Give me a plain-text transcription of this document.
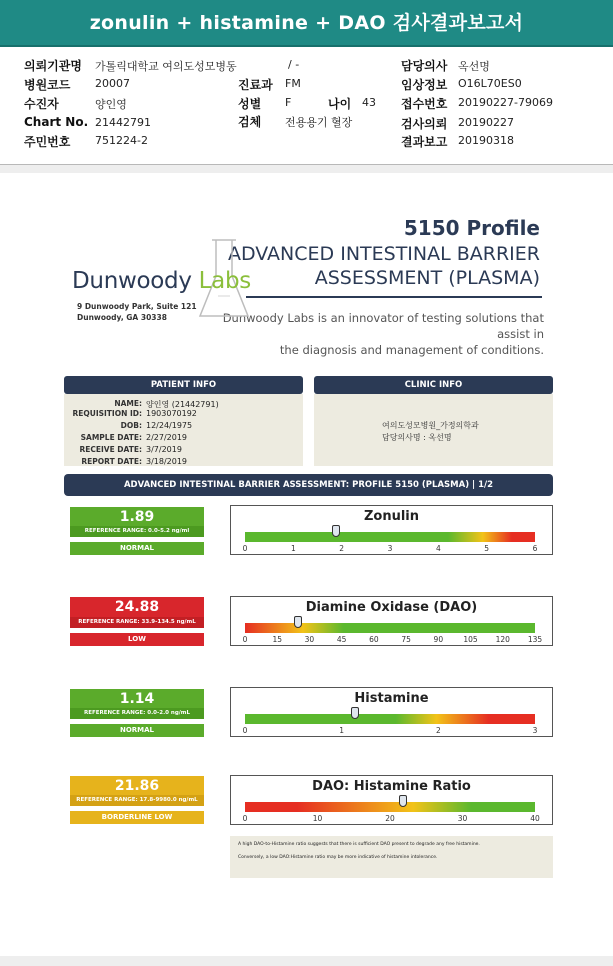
zonulin + histamine + DAO 검사결과보고서
의뢰기관명 가톨릭대학교 여의도성모병동	/ -	담당의사 옥선명
병원코드 20007	진료과 FM	임상정보 O16L70ES0
수진자	양인영	성별 F	나이 43 접수번호 20190227-79069
Chart No. 21442791	검체 전용용기 혈장	검사의뢰 20190227
주민번호 751224-2	결과보고 20190318
5150 Profile
ADVANCED INTESTINAL BARRIER
ASSESSMENT (PLASMA)
Dunwoody Labs is an innovator of testing solutions that assist in
the diagnosis and management of conditions.
Dunwoody Labs
9 Dunwoody Park, Suite 121
Dunwoody, GA 30338
PATIENT INFO
NAME: 양인영 (21442791)
REQUISITION ID: 1903070192
DOB: 12/24/1975
SAMPLE DATE: 2/27/2019
RECEIVE DATE: 3/7/2019
REPORT DATE: 3/18/2019
CLINIC INFO
여의도성모병원_가정의학과
담당의사명 : 옥선명
ADVANCED INTESTINAL BARRIER ASSESSMENT: PROFILE 5150 (PLASMA) | 1/2
1.89
REFERENCE RANGE: 0.0-5.2 ng/ml
NORMAL
Zonulin
0	1	2	3	4	5	6
24.88
REFERENCE RANGE: 33.9-134.5 ng/mL
LOW
Diamine Oxidase (DAO)
0	15	30	45	60	75	90	105	120	135
1.14
REFERENCE RANGE: 0.0-2.0 ng/mL
NORMAL
Histamine
0	1	2	3
21.86
REFERENCE RANGE: 17.8-9980.0 ng/mL
BORDERLINE LOW
DAO: Histamine Ratio
0	10	20	30	40
A high DAO-to-Histamine ratio suggests that there is sufficient DAO present to degrade any free histamine.
Conversely, a low DAO:Histamine ratio may be more indicative of histamine intolerance.
